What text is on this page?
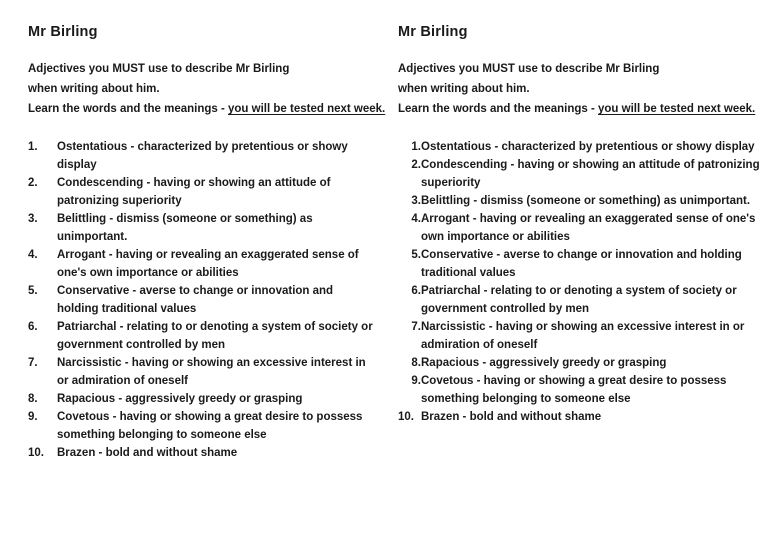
Mr Birling
Adjectives you MUST use to describe Mr Birling
when writing about him.
Learn the words and the meanings - you will be tested next week.
1.	Ostentatious - characterized by pretentious or showy display
2.	Condescending - having or showing an attitude of patronizing superiority
3.	Belittling - dismiss (someone or something) as unimportant.
4.	Arrogant - having or revealing an exaggerated sense of one's own importance or abilities
5.	Conservative - averse to change or innovation and holding traditional values
6.	Patriarchal - relating to or denoting a system of society or government controlled by men
7.	Narcissistic - having or showing an excessive interest in or admiration of oneself
8.	Rapacious - aggressively greedy or grasping
9.	Covetous - having or showing a great desire to possess something belonging to someone else
10.	Brazen - bold and without shame
Mr Birling
Adjectives you MUST use to describe Mr Birling
when writing about him.
Learn the words and the meanings - you will be tested next week.
1. Ostentatious - characterized by pretentious or showy display
2. Condescending - having or showing an attitude of patronizing superiority
3. Belittling - dismiss (someone or something) as unimportant.
4. Arrogant - having or revealing an exaggerated sense of one's own importance or abilities
5. Conservative - averse to change or innovation and holding traditional values
6. Patriarchal - relating to or denoting a system of society or government controlled by men
7. Narcissistic - having or showing an excessive interest in or admiration of oneself
8. Rapacious - aggressively greedy or grasping
9. Covetous - having or showing a great desire to possess something belonging to someone else
10. Brazen - bold and without shame
